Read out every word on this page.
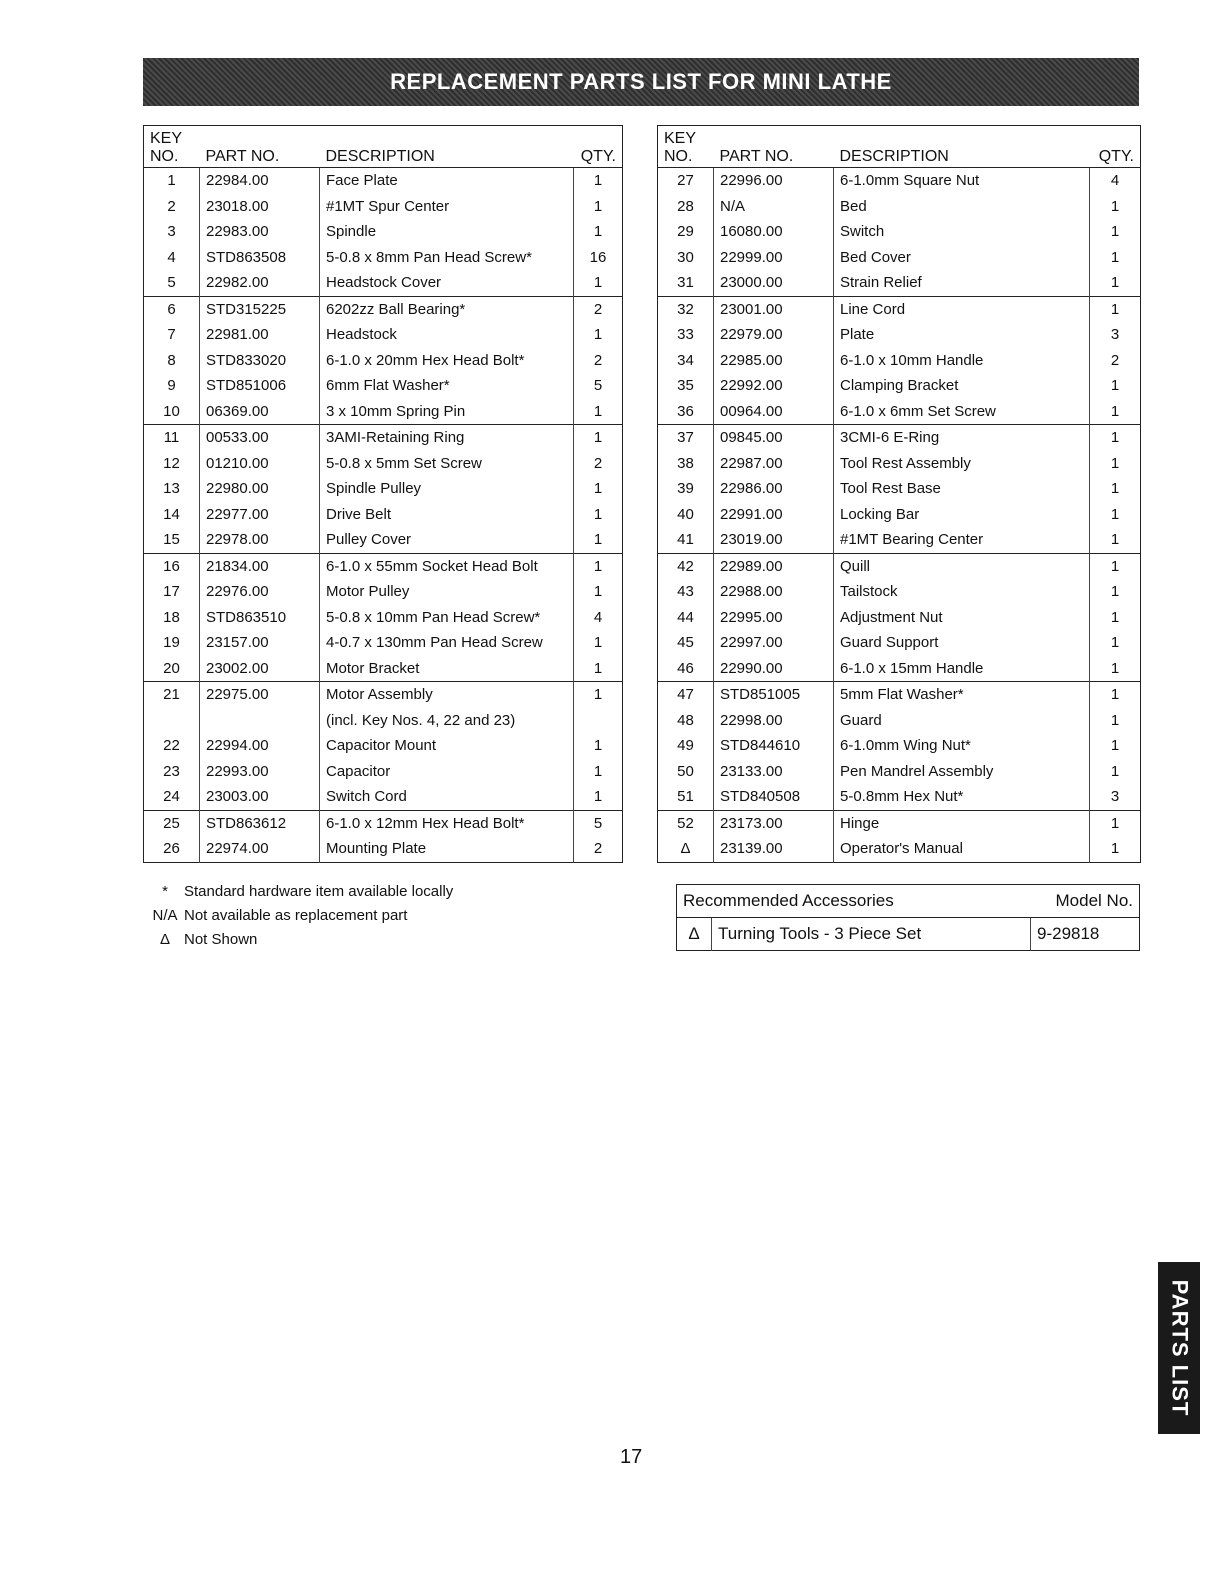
REPLACEMENT PARTS LIST FOR MINI LATHE
KEY
NO.	PART NO.	DESCRIPTION	QTY.
1	22984.00	Face Plate	1
2	23018.00	#1MT Spur Center	1
3	22983.00	Spindle	1
4	STD863508	5-0.8 x 8mm Pan Head Screw*	16
5	22982.00	Headstock Cover	1
6	STD315225	6202zz Ball Bearing*	2
7	22981.00	Headstock	1
8	STD833020	6-1.0 x 20mm Hex Head Bolt*	2
9	STD851006	6mm Flat Washer*	5
10	06369.00	3 x 10mm Spring Pin	1
11	00533.00	3AMI-Retaining Ring	1
12	01210.00	5-0.8 x 5mm Set Screw	2
13	22980.00	Spindle Pulley	1
14	22977.00	Drive Belt	1
15	22978.00	Pulley Cover	1
16	21834.00	6-1.0 x 55mm Socket Head Bolt	1
17	22976.00	Motor Pulley	1
18	STD863510	5-0.8 x 10mm Pan Head Screw*	4
19	23157.00	4-0.7 x 130mm Pan Head Screw	1
20	23002.00	Motor Bracket	1
21	22975.00	Motor Assembly	1
		(incl. Key Nos. 4, 22 and 23)	
22	22994.00	Capacitor Mount	1
23	22993.00	Capacitor	1
24	23003.00	Switch Cord	1
25	STD863612	6-1.0 x 12mm Hex Head Bolt*	5
26	22974.00	Mounting Plate	2
KEY
NO.	PART NO.	DESCRIPTION	QTY.
27	22996.00	6-1.0mm Square Nut	4
28	N/A	Bed	1
29	16080.00	Switch	1
30	22999.00	Bed Cover	1
31	23000.00	Strain Relief	1
32	23001.00	Line Cord	1
33	22979.00	Plate	3
34	22985.00	6-1.0 x 10mm Handle	2
35	22992.00	Clamping Bracket	1
36	00964.00	6-1.0 x 6mm Set Screw	1
37	09845.00	3CMI-6 E-Ring	1
38	22987.00	Tool Rest Assembly	1
39	22986.00	Tool Rest Base	1
40	22991.00	Locking Bar	1
41	23019.00	#1MT Bearing Center	1
42	22989.00	Quill	1
43	22988.00	Tailstock	1
44	22995.00	Adjustment Nut	1
45	22997.00	Guard Support	1
46	22990.00	6-1.0 x 15mm Handle	1
47	STD851005	5mm Flat Washer*	1
48	22998.00	Guard	1
49	STD844610	6-1.0mm Wing Nut*	1
50	23133.00	Pen Mandrel Assembly	1
51	STD840508	5-0.8mm Hex Nut*	3
52	23173.00	Hinge	1
Δ	23139.00	Operator's Manual	1
*	Standard hardware item available locally
N/A Not available as replacement part
Δ Not Shown
Recommended Accessories		Model No.
Δ	Turning Tools - 3 Piece Set	9-29818
PARTS LIST
17
